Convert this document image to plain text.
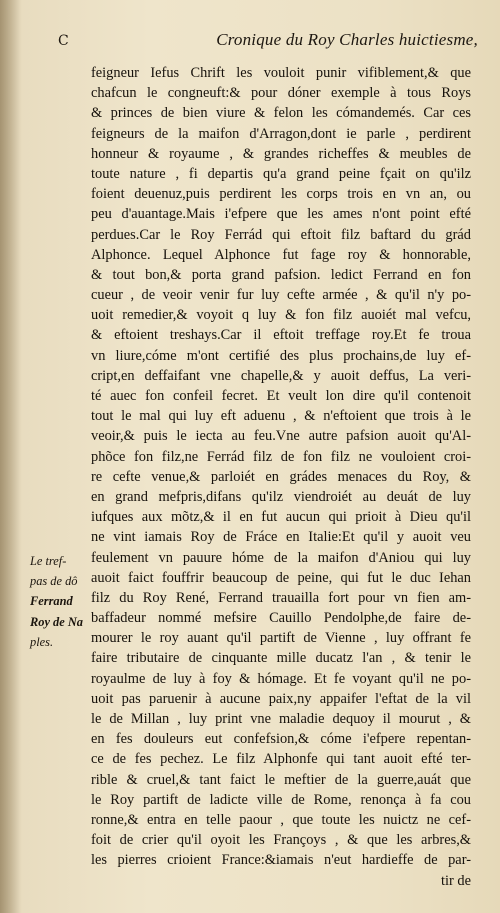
C	Cronique du Roy Charles huictiesme,
feigneur Iefus Chrift les vouloit punir vifiblement,& que
chafcun le congneuft:& pour dóner exemple à tous Roys
& princes de bien viure & felon les cómandemés. Car ces
feigneurs de la maifon d'Arragon,dont ie parle , perdirent
honneur & royaume , & grandes richeffes & meubles de
toute nature , fi departis qu'a grand peine fçait on qu'ilz
foient deuenuz,puis perdirent les corps trois en vn an, ou
peu d'auantage.Mais i'efpere que les ames n'ont point efté
perdues.Car le Roy Ferrád qui eftoit filz baftard du grád
Alphonce. Lequel Alphonce fut fage roy & honnorable,
& tout bon,& porta grand pafsion. ledict Ferrand en fon
cueur , de veoir venir fur luy cefte armée , & qu'il n'y po-
uoit remedier,& voyoit q luy & fon filz auoiét mal vefcu,
& eftoient treshays.Car il eftoit treffage roy.Et fe troua
vn liure,cóme m'ont certifié des plus prochains,de luy ef-
cript,en deffaifant vne chapelle,& y auoit deffus, La veri-
té auec fon confeil fecret. Et veult lon dire qu'il contenoit
tout le mal qui luy eft aduenu , & n'eftoient que trois à le
veoir,& puis le iecta au feu.Vne autre pafsion auoit qu'Al-
phõce fon filz,ne Ferrád filz de fon filz ne vouloient croi-
re cefte venue,& parloiét en grádes menaces du Roy, &
en grand mefpris,difans qu'ilz viendroiét au deuát de luy
iufques aux mõtz,& il en fut aucun qui prioit à Dieu qu'il
ne vint iamais Roy de Fráce en Italie:Et qu'il y auoit veu
feulement vn pauure hóme de la maifon d'Aniou qui luy
auoit faict fouffrir beaucoup de peine, qui fut le duc Iehan
filz du Roy René, Ferrand trauailla fort pour vn fien am-
baffadeur nommé mefsire Cauillo Pendolphe,de faire de-
mourer le roy auant qu'il partift de Vienne , luy offrant fe
faire tributaire de cinquante mille ducatz l'an , & tenir le
royaulme de luy à foy & hómage. Et fe voyant qu'il ne po-
uoit pas paruenir à aucune paix,ny appaifer l'eftat de la vil
le de Millan , luy print vne maladie dequoy il mourut , &
en fes douleurs eut confefsion,& cóme i'efpere repentan-
ce de fes pechez. Le filz Alphonfe qui tant auoit efté ter-
rible & cruel,& tant faict le meftier de la guerre,auát que
le Roy partift de ladicte ville de Rome, renonça à fa cou
ronne,& entra en telle paour , que toute les nuictz ne cef-
foit de crier qu'il oyoit les Françoys , & que les arbres,&
les pierres crioient France:&iamais n'eut hardieffe de par-
tir de
Le tref-
pas de dô
Ferrand
Roy de Na
ples.
